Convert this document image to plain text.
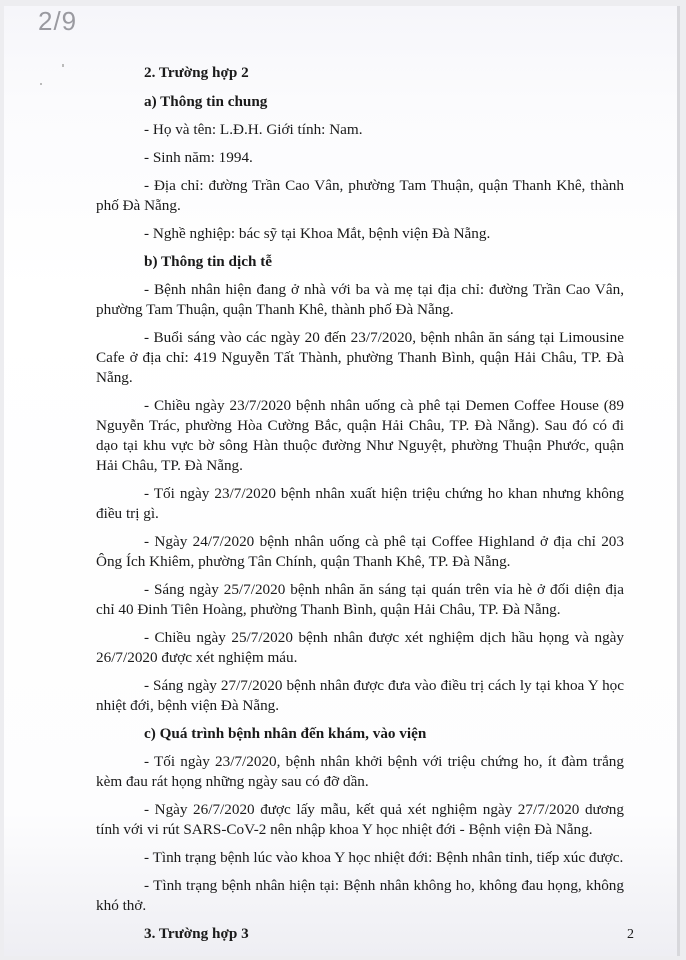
2. Trường hợp 2
a) Thông tin chung
- Họ và tên: L.Đ.H. Giới tính: Nam.
- Sinh năm: 1994.
- Địa chỉ: đường Trần Cao Vân, phường Tam Thuận, quận Thanh Khê, thành phố Đà Nẵng.
- Nghề nghiệp: bác sỹ tại Khoa Mắt, bệnh viện Đà Nẵng.
b) Thông tin dịch tễ
- Bệnh nhân hiện đang ở nhà với ba và mẹ tại địa chỉ: đường Trần Cao Vân, phường Tam Thuận, quận Thanh Khê, thành phố Đà Nẵng.
- Buổi sáng vào các ngày 20 đến 23/7/2020, bệnh nhân ăn sáng tại Limousine Cafe ở địa chỉ: 419 Nguyễn Tất Thành, phường Thanh Bình, quận Hải Châu, TP. Đà Nẵng.
- Chiều ngày 23/7/2020 bệnh nhân uống cà phê tại Demen Coffee House (89 Nguyễn Trác, phường Hòa Cường Bắc, quận Hải Châu, TP. Đà Nẵng). Sau đó có đi dạo tại khu vực bờ sông Hàn thuộc đường Như Nguyệt, phường Thuận Phước, quận Hải Châu, TP. Đà Nẵng.
- Tối ngày 23/7/2020 bệnh nhân xuất hiện triệu chứng ho khan nhưng không điều trị gì.
- Ngày 24/7/2020 bệnh nhân uống cà phê tại Coffee Highland ở địa chỉ 203 Ông Ích Khiêm, phường Tân Chính, quận Thanh Khê, TP. Đà Nẵng.
- Sáng ngày 25/7/2020 bệnh nhân ăn sáng tại quán trên vỉa hè ở đối diện địa chỉ 40 Đinh Tiên Hoàng, phường Thanh Bình, quận Hải Châu, TP. Đà Nẵng.
- Chiều ngày 25/7/2020 bệnh nhân được xét nghiệm dịch hầu họng và ngày 26/7/2020 được xét nghiệm máu.
- Sáng ngày 27/7/2020 bệnh nhân được đưa vào điều trị cách ly tại khoa Y học nhiệt đới, bệnh viện Đà Nẵng.
c) Quá trình bệnh nhân đến khám, vào viện
- Tối ngày 23/7/2020, bệnh nhân khởi bệnh với triệu chứng ho, ít đàm trắng kèm đau rát họng những ngày sau có đỡ dần.
- Ngày 26/7/2020 được lấy mẫu, kết quả xét nghiệm ngày 27/7/2020 dương tính với vi rút SARS-CoV-2 nên nhập khoa Y học nhiệt đới - Bệnh viện Đà Nẵng.
- Tình trạng bệnh lúc vào khoa Y học nhiệt đới: Bệnh nhân tỉnh, tiếp xúc được.
- Tình trạng bệnh nhân hiện tại: Bệnh nhân không ho, không đau họng, không khó thở.
3. Trường hợp 3	2
2/9
